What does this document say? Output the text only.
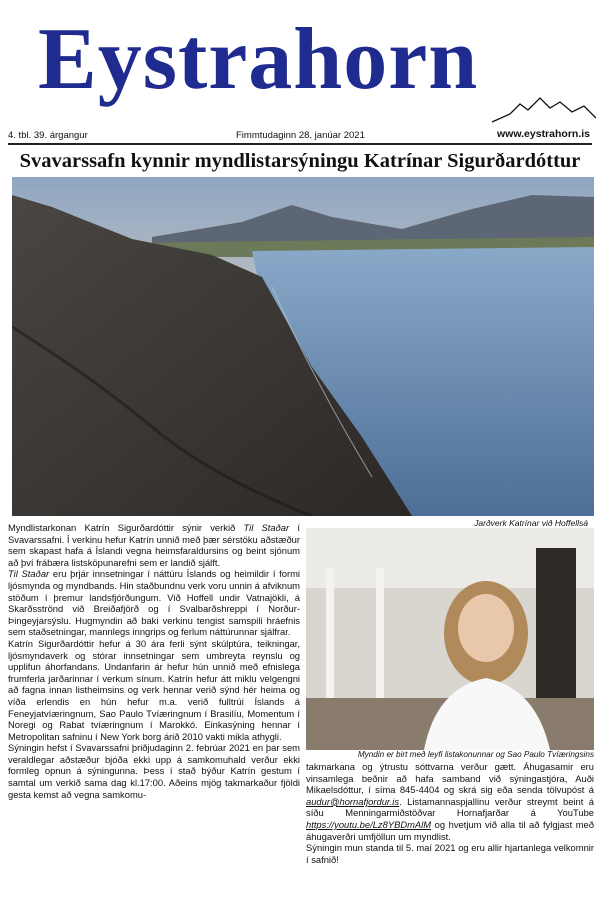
Eystrahorn
4. tbl. 39. árgangur	Fimmtudaginn 28. janúar 2021	www.eystrahorn.is
Svavarssafn kynnir myndlistarsýningu Katrínar Sigurðardóttur
Jarðverk Katrínar við Hoffellsá
Myndin er birt með leyfi listakonunnar og Sao Paulo Tvíæringsins

Myndlistarkonan Katrín Sigurðardóttir sýnir verkið Til Staðar í Svavarssafni. Í verkinu hefur Katrín unnið með þær sérstöku aðstæður sem skapast hafa á Íslandi vegna heimsfaraldursins og beint sjónum að því frábæra listsköpunarefni sem er landið sjálft.

Til Staðar eru þrjár innsetningar í náttúru Íslands og heimildir í formi ljósmynda og myndbands. Hin staðbundnu verk voru unnin á afviknum stöðum í þremur landsfjórðungum. Við Hoffell undir Vatnajökli, á Skarðsströnd við Breiðafjörð og í Svalbarðshreppi í Norður-Þingeyjarsýslu. Hugmyndin að baki verkinu tengist samspili hráefnis sem staðsetningar, mannlegs inngrips og ferlum náttúrunnar sjálfrar.

Katrín Sigurðardóttir hefur á 30 ára ferli sýnt skúlptúra, teikningar, ljósmyndaverk og stórar innsetningar sem umbreyta reynslu og upplifun áhorfandans. Undanfarin ár hefur hún unnið með efnislega frumferla jarðarinnar í verkum sínum. Katrín hefur átt miklu velgengni að fagna innan listheimsins og verk hennar verið sýnd hér heima og víða erlendis en hún hefur m.a. verið fulltrúi Íslands á Feneyjatvíæringnum, Sao Paulo Tvíæringnum í Brasilíu, Momentum í Noregi og Rabat tvíæringnum í Marokkó. Einkasýning hennar í Metropolitan safninu í New York borg árið 2010 vakti mikla athygli.

Sýningin hefst í Svavarssafni þriðjudaginn 2. febrúar 2021 en þar sem veraldlegar aðstæður bjóða ekki upp á samkomuhald verður ekki formleg opnun á sýningunna. Þess í stað býður Katrín gestum í samtal um verkið sama dag kl.17:00. Aðeins mjög takmarkaður fjöldi gesta kemst að vegna samkomu-

takmarkana og ýtrustu sóttvarna verður gætt. Áhugasamir eru vinsamlega beðnir að hafa samband við sýningastjóra, Auði Mikaelsdóttur, í síma 845-4404 og skrá sig eða senda tölvupóst á audur@hornafjordur.is. Listamannaspjallinu verður streymt beint á síðu Menningarmiðstöðvar Hornafjarðar á YouTube https://youtu.be/Lz8YBDmAlM og hvetjum við alla til að fylgjast með áhugaverðri umfjöllun um myndlist.

Sýningin mun standa til 5. maí 2021 og eru allir hjartanlega velkomnir í safnið!
